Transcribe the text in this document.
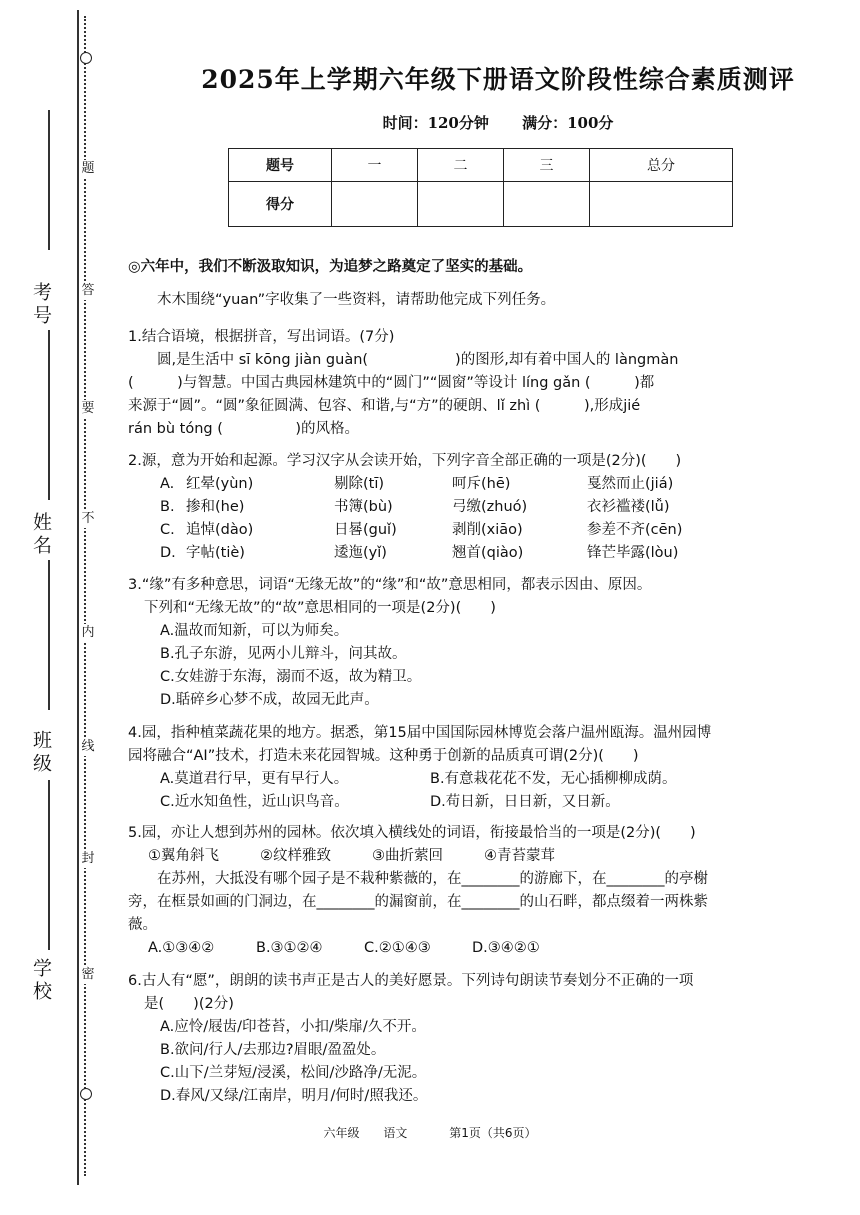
题
答
要
不
内
线
封
密
考号
姓名
班级
学校
2025年上学期六年级下册语文阶段性综合素质测评
时间：120分钟 满分：100分
题号	一	二	三	总分
得分				

◎六年中，我们不断汲取知识，为追梦之路奠定了坚实的基础。

木木围绕“yuan”字收集了一些资料，请帮助他完成下列任务。

1.结合语境，根据拼音，写出词语。(7分)

圆,是生活中 sī kōng jiàn guàn(　　　　　　)的图形,却有着中国人的 làngmàn

(　　　)与智慧。中国古典园林建筑中的“圆门”“圆窗”等设计 líng gǎn (　　　)都

来源于“圆”。“圆”象征圆满、包容、和谐,与“方”的硬朗、lǐ zhì (　　　),形成jié

rán bù tóng (　　　　　)的风格。

2.源，意为开始和起源。学习汉字从会读开始，下列字音全部正确的一项是(2分)(　　)

A. 红晕(yùn)	剔除(tī)	呵斥(hē)	戛然而止(jiá)
B. 掺和(he)	书簿(bù)	弓缴(zhuó)	衣衫褴褛(lǚ)
C. 追悼(dào)	日晷(guǐ)	剥削(xiāo)	参差不齐(cēn)
D. 字帖(tiè)	逶迤(yǐ)	翘首(qiào)	锋芒毕露(lòu)

3.“缘”有多种意思，词语“无缘无故”的“缘”和“故”意思相同，都表示因由、原因。

下列和“无缘无故”的“故”意思相同的一项是(2分)(　　)

A.温故而知新，可以为师矣。

B.孔子东游，见两小儿辩斗，问其故。

C.女娃游于东海，溺而不返，故为精卫。

D.聒碎乡心梦不成，故园无此声。

4.园，指种植菜蔬花果的地方。据悉，第15届中国国际园林博览会落户温州瓯海。温州园博

园将融合“AI”技术，打造未来花园智城。这种勇于创新的品质真可谓(2分)(　　)

A.莫道君行早，更有早行人。	B.有意栽花花不发，无心插柳柳成荫。
C.近水知鱼性，近山识鸟音。	D.苟日新，日日新，又日新。

5.园，亦让人想到苏州的园林。依次填入横线处的词语，衔接最恰当的一项是(2分)(　　)

①翼角斜飞	②纹样雅致	③曲折萦回	④青苔蒙茸

在苏州，大抵没有哪个园子是不栽种紫薇的，在________的游廊下，在________的亭榭

旁，在框景如画的门洞边，在________的漏窗前，在________的山石畔，都点缀着一两株紫

薇。

A.①③④②	B.③①②④	C.②①④③	D.③④②①

6.古人有“愿”，朗朗的读书声正是古人的美好愿景。下列诗句朗读节奏划分不正确的一项

是(　　)(2分)

A.应怜/屐齿/印苍苔，小扣/柴扉/久不开。

B.欲问/行人/去那边?眉眼/盈盈处。

C.山下/兰芽短/浸溪，松间/沙路净/无泥。

D.春风/又绿/江南岸，明月/何时/照我还。

六年级 语文	第1页（共6页）
